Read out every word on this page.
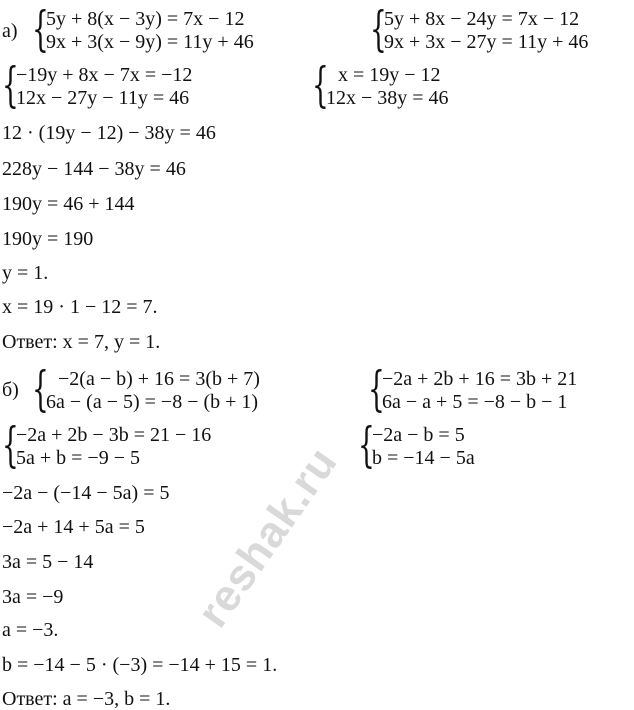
а) {
5y + 8(x − 3y) = 7x − 12
9x + 3(x − 9y) = 11y + 46 {
5y + 8x − 24y = 7x − 12
9x + 3x − 27y = 11y + 46
{
−19y + 8x − 7x = −12
12x − 27y − 11y = 46	{ x = 19y − 12
12x − 38y = 46
12 · (19y − 12) − 38y = 46
228y − 144 − 38y = 46
190y = 46 + 144
190y = 190
y = 1.
x = 19 · 1 − 12 = 7.
Ответ: x = 7, y = 1.
б) { −2(a − b) + 16 = 3(b + 7)
6a − (a − 5) = −8 − (b + 1) {
−2a + 2b + 16 = 3b + 21
6a − a + 5 = −8 − b − 1
{
−2a + 2b − 3b = 21 − 16
5a + b = −9 − 5	{
−2a − b = 5
b = −14 − 5a
−2a − (−14 − 5a) = 5
−2a + 14 + 5a = 5
3a = 5 − 14
3a = −9
a = −3.
b = −14 − 5 · (−3) = −14 + 15 = 1.
Ответ: a = −3, b = 1.
reshak.ru
